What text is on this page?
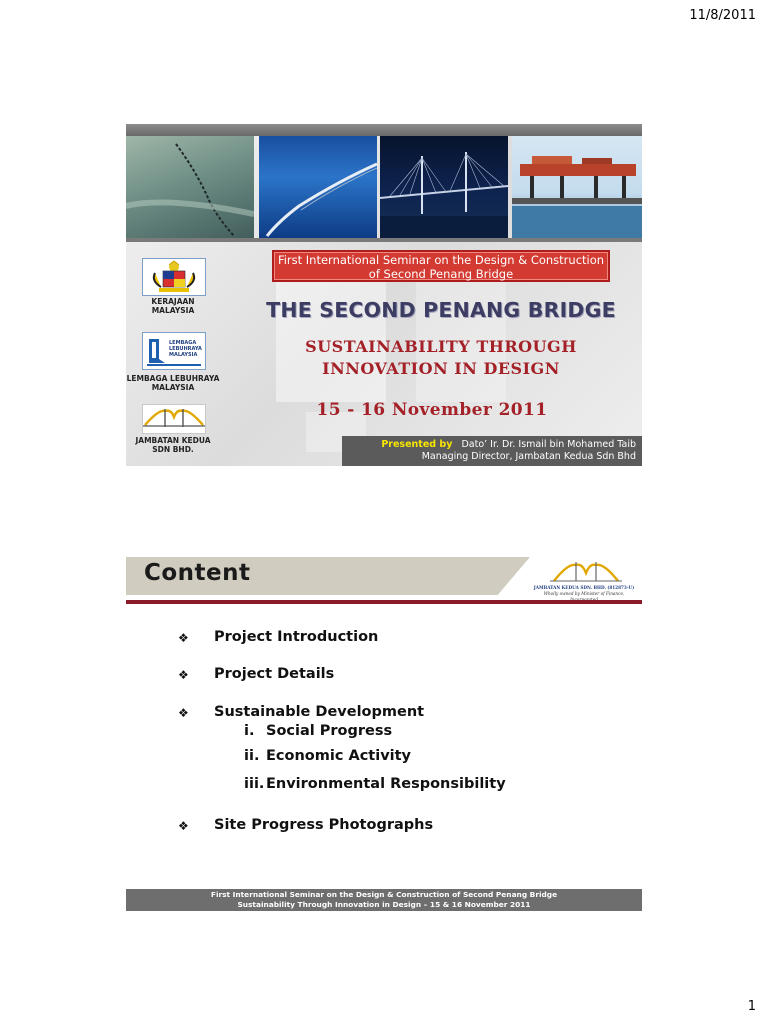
11/8/2011
KERAJAAN
MALAYSIA
LEMBAGA
LEBUHRAYA
MALAYSIA
LEMBAGA LEBUHRAYA
MALAYSIA
JAMBATAN KEDUA
SDN BHD.
First International Seminar on the Design & Construction
of Second Penang Bridge
THE SECOND PENANG BRIDGE
SUSTAINABILITY THROUGH
INNOVATION IN DESIGN
15 - 16 November 2011
Presented by Dato’ Ir. Dr. Ismail bin Mohamed Taib
Managing Director, Jambatan Kedua Sdn Bhd
Content
JAMBATAN KEDUA SDN. BHD. (812873-U)
Wholly owned by Minister of Finance,
❖ Project Introduction
❖ Project Details
❖ Sustainable Development
i. Social Progress
ii. Economic Activity
iii. Environmental Responsibility
❖ Site Progress Photographs
First International Seminar on the Design & Construction of Second Penang Bridge
Sustainability Through Innovation in Design – 15 & 16 November 2011
1
